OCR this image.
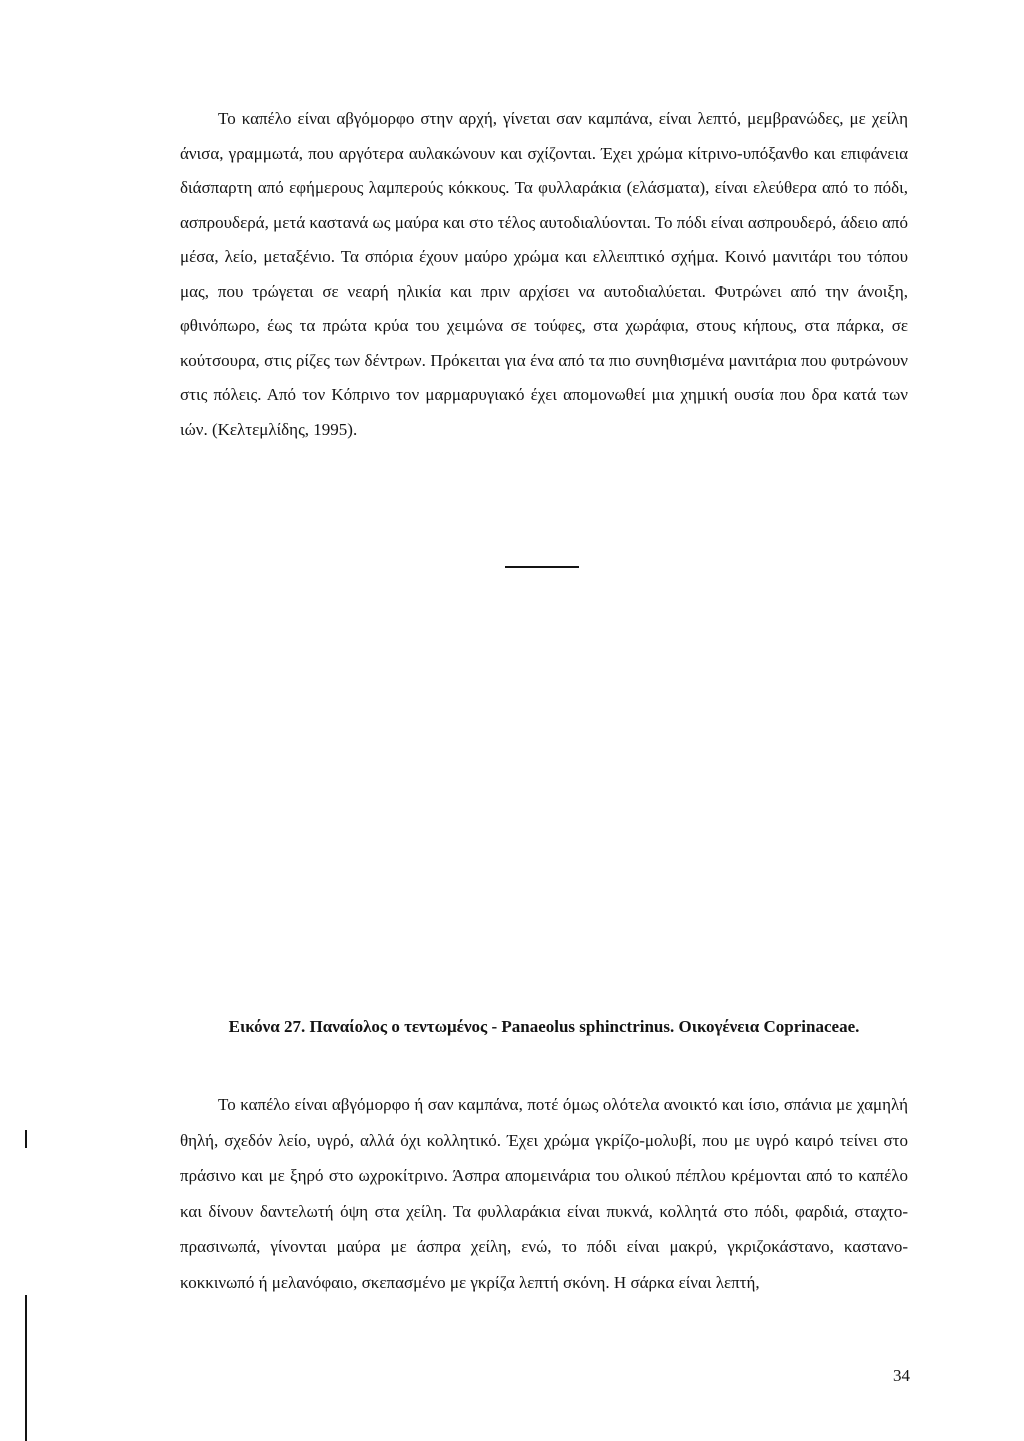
Το καπέλο είναι αβγόμορφο στην αρχή, γίνεται σαν καμπάνα, είναι λεπτό, μεμβρανώδες, με χείλη άνισα, γραμμωτά, που αργότερα αυλακώνουν και σχίζονται. Έχει χρώμα κίτρινο-υπόξανθο και επιφάνεια διάσπαρτη από εφήμερους λαμπερούς κόκκους. Τα φυλλαράκια (ελάσματα), είναι ελεύθερα από το πόδι, ασπρουδερά, μετά καστανά ως μαύρα και στο τέλος αυτοδιαλύονται. Το πόδι είναι ασπρουδερό, άδειο από μέσα, λείο, μεταξένιο. Τα σπόρια έχουν μαύρο χρώμα και ελλειπτικό σχήμα. Κοινό μανιτάρι του τόπου μας, που τρώγεται σε νεαρή ηλικία και πριν αρχίσει να αυτοδιαλύεται. Φυτρώνει από την άνοιξη, φθινόπωρο, έως τα πρώτα κρύα του χειμώνα σε τούφες, στα χωράφια, στους κήπους, στα πάρκα, σε κούτσουρα, στις ρίζες των δέντρων. Πρόκειται για ένα από τα πιο συνηθισμένα μανιτάρια που φυτρώνουν στις πόλεις. Από τον Κόπρινο τον μαρμαρυγιακό έχει απομονωθεί μια χημική ουσία που δρα κατά των ιών. (Κελτεμλίδης, 1995).

Εικόνα 27. Παναίολος ο τεντωμένος - Panaeolus sphinctrinus. Οικογένεια Coprinaceae.

Το καπέλο είναι αβγόμορφο ή σαν καμπάνα, ποτέ όμως ολότελα ανοικτό και ίσιο, σπάνια με χαμηλή θηλή, σχεδόν λείο, υγρό, αλλά όχι κολλητικό. Έχει χρώμα γκρίζο-μολυβί, που με υγρό καιρό τείνει στο πράσινο και με ξηρό στο ωχροκίτρινο. Άσπρα απομεινάρια του ολικού πέπλου κρέμονται από το καπέλο και δίνουν δαντελωτή όψη στα χείλη. Τα φυλλαράκια είναι πυκνά, κολλητά στο πόδι, φαρδιά, σταχτο-πρασινωπά, γίνονται μαύρα με άσπρα χείλη, ενώ, το πόδι είναι μακρύ, γκριζοκάστανο, καστανο-κοκκινωπό ή μελανόφαιο, σκεπασμένο με γκρίζα λεπτή σκόνη. Η σάρκα είναι λεπτή,

34
